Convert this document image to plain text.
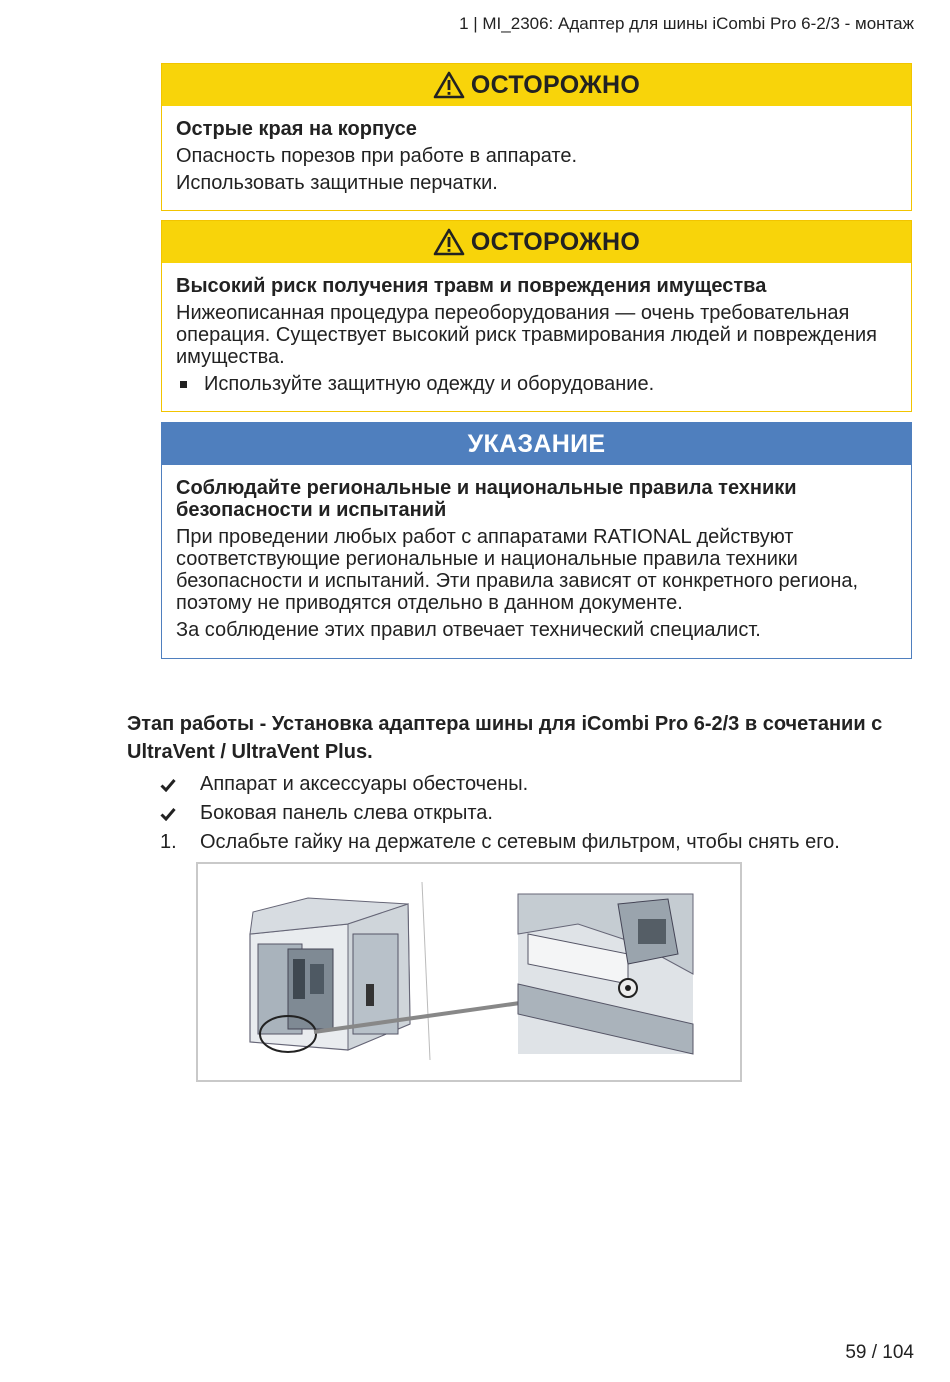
1 | MI_2306: Адаптер для шины iCombi Pro 6-2/3 - монтаж
ОСТОРОЖНО
Острые края на корпусе
Опасность порезов при работе в аппарате.
Использовать защитные перчатки.
ОСТОРОЖНО
Высокий риск получения травм и повреждения имущества
Нижеописанная процедура переоборудования — очень требовательная операция. Существует высокий риск травмирования людей и повреждения имущества.
Используйте защитную одежду и оборудование.
УКАЗАНИЕ
Соблюдайте региональные и национальные правила техники безопасности и испытаний
При проведении любых работ с аппаратами RATIONAL действуют соответствующие региональные и национальные правила техники безопасности и испытаний. Эти правила зависят от конкретного региона, поэтому не приводятся отдельно в данном документе.
За соблюдение этих правил отвечает технический специалист.
Этап работы - Установка адаптера шины для iCombi Pro 6-2/3 в сочетании с UltraVent / UltraVent Plus.
Аппарат и аксессуары обесточены.
Боковая панель слева открыта.
1.	Ослабьте гайку на держателе с сетевым фильтром, чтобы снять его.
59 / 104
